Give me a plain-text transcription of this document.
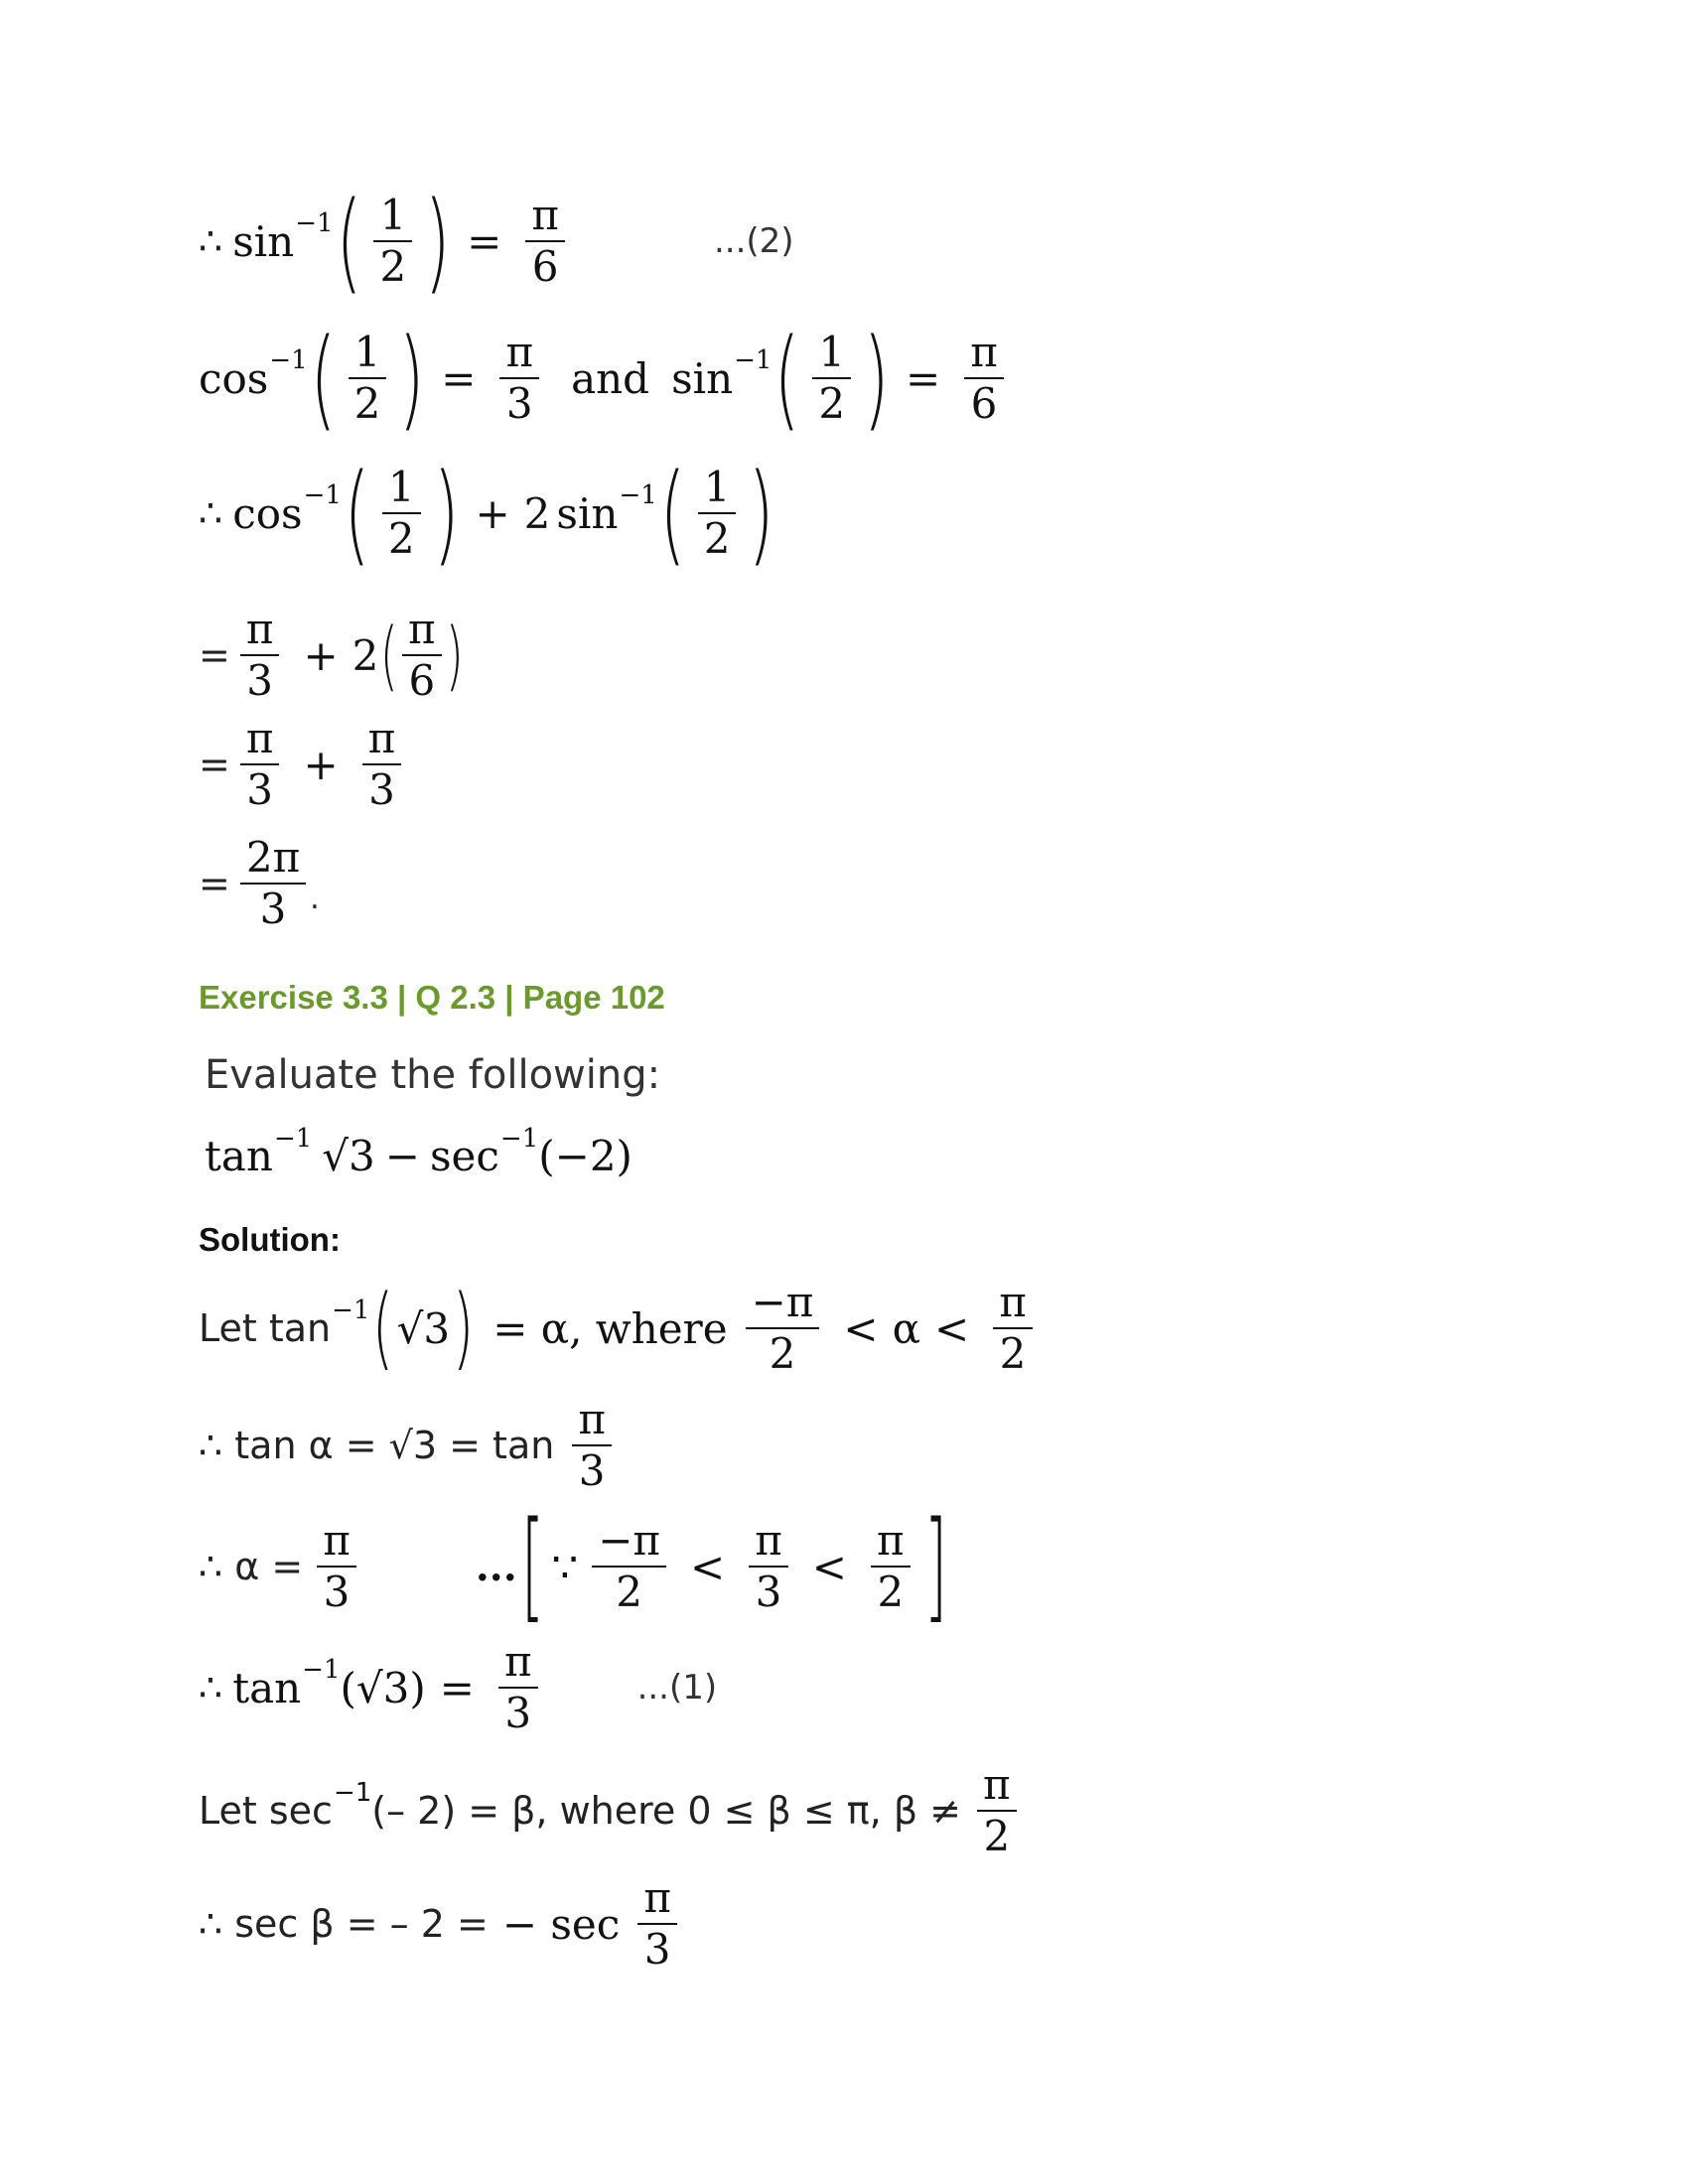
∴ sin −1 ( $\frac{1}{2}$ ) = $\frac{\pi}{6}$	...(2)
cos −1 ( $\frac{1}{2}$ ) = $\frac{\pi}{3}$ and sin −1 ( $\frac{1}{2}$ ) = $\frac{\pi}{6}$
∴ cos −1 ( $\frac{1}{2}$ ) + 2 sin −1 ( $\frac{1}{2}$ )
= $\frac{\pi}{3} + 2$ ( $\frac{\pi}{6}$ )
= $\frac{\pi}{3} + \frac{\pi}{3}$
= $\frac{2\pi}{3}$ .
Exercise 3.3 | Q 2.3 | Page 102
Evaluate the following:
tan −1 √3 − sec −1 (−2)
Solution:
Let tan −1 ( √3 ) = α, where $\frac{-\pi}{2} < \alpha < \frac{\pi}{2}$
∴ $\tan \alpha = √3 = \tan \frac{\pi}{3}$
∴ $\alpha = \frac{\pi}{3}$	... [ ∵ $\frac{-\pi}{2} < \frac{\pi}{3} < \frac{\pi}{2}$ ]
∴ tan −1 $(√3) = \frac{\pi}{3}$	...(1)
Let sec −1 (– 2) = β, where 0 ≤ β ≤ π, $\beta \ne \frac{\pi}{2}$
∴ sec β = – 2 = − $\sec \frac{\pi}{3}$
